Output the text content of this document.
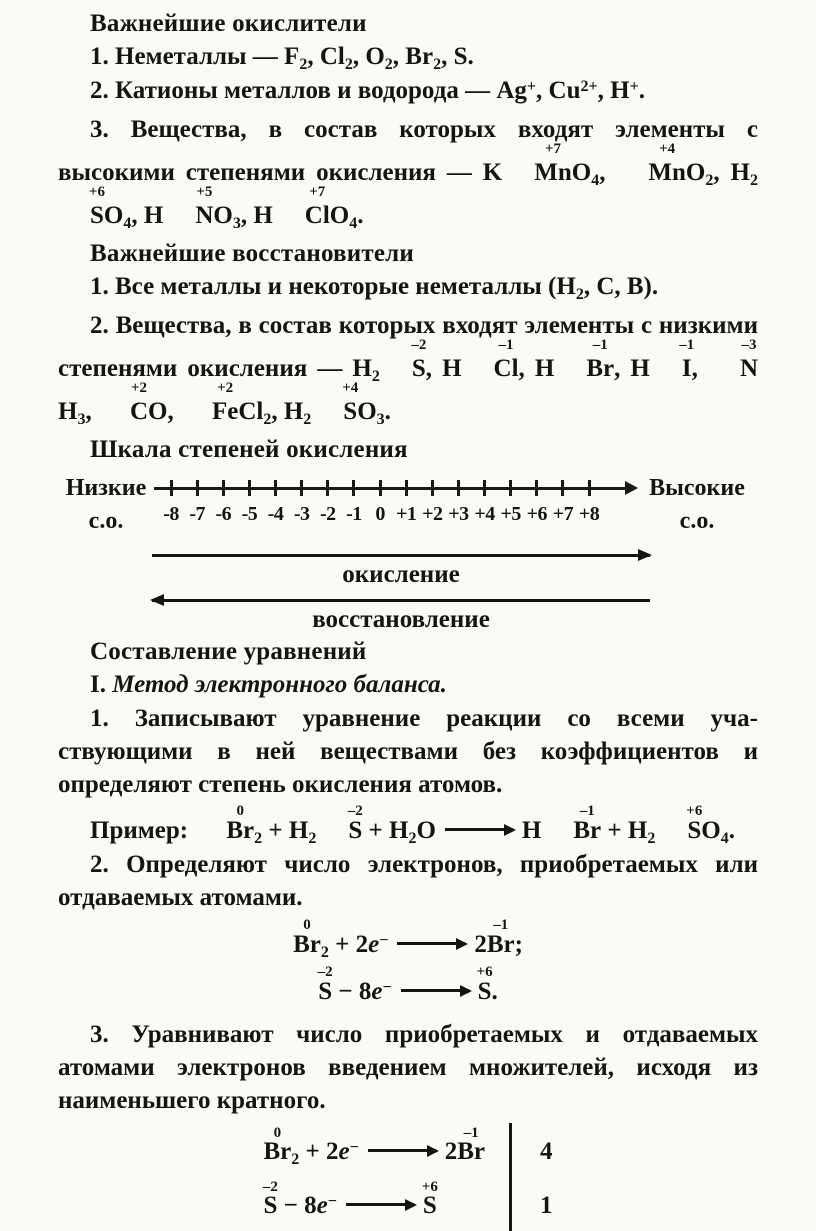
Важнейшие окислители
1. Неметаллы — $F_2$, $Cl_2$, $O_2$, $Br_2$, S.
2. Катионы металлов и водорода — Ag+, $Cu^{2+}$, H+.
3. Вещества, в состав которых входят элементы с высокими степенями окисления — K Mn
+7
$O_4$, Mn
+4
$O_2$, $H_2S$
+6
$O_4$, H N
+5
$O_3$, H Cl
+7
$O_4$.
Важнейшие восстановители
1. Все металлы и некоторые неметаллы ($H_2$, C, B).
2. Вещества, в состав которых входят элементы с низкими степенями окисления — $H_2$ S
–2
, H Cl
–1
, H Br
–1
, H I
–1
, N
–3
$H_3$, C
+2
O, Fe
+2
$Cl_2$, $H_2$ S
+4
$O_3$.
Шкала степеней окисления
Низкие
с.о.	-8 -7 -6 -5 -4 -3 -2 -1 0 +1 +2 +3 +4 +5 +6 +7 +8
Высокие
с.о.
окисление
восстановление
Составление уравнений
I. Метод электронного баланса.
1. Записывают уравнение реакции со всеми участвующими в ней веществами без коэффициентов и определяют степень окисления атомов.
Пример: Br
0
$_2 + H_2$ S
–2
+ $H_2O$	H Br
–1
+ $H_2$ S
+6
$O_4$.
2. Определяют число электронов, приобретаемых или отдаваемых атомами.
Br
0
$_2$ + 2e−	2Br
–1
;
S
–2
− 8e−	S
+6
.
3. Уравнивают число приобретаемых и отдаваемых атомами электронов введением множителей, исходя из наименьшего кратного.
Br
0
$_2$ + 2e−	2Br
–1
4
S
–2
− 8e−	S
+6
1
